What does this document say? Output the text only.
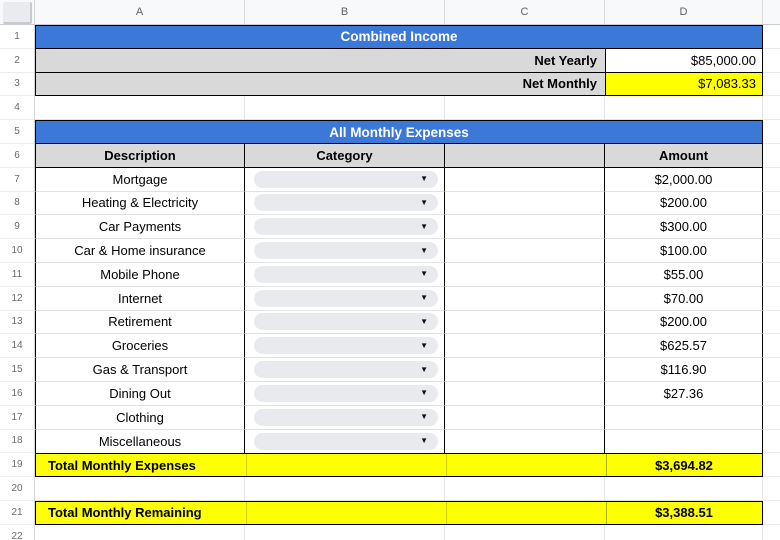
A	B	C	D
1
2
3
4
5
6
7
8
9
10
11
12
13
14
15
16
17
18
19
20
21
22
Combined Income
Net Yearly	$85,000.00
Net Monthly	$7,083.33
All Monthly Expenses
Description	Category	Amount
Mortgage	▼	$2,000.00
Heating & Electricity	▼	$200.00
Car Payments	▼	$300.00
Car & Home insurance	▼	$100.00
Mobile Phone	▼	$55.00
Internet	▼	$70.00
Retirement	▼	$200.00
Groceries	▼	$625.57
Gas & Transport	▼	$116.90
Dining Out	▼	$27.36
Clothing	▼
Miscellaneous	▼
Total Monthly Expenses	$3,694.82
Total Monthly Remaining	$3,388.51
